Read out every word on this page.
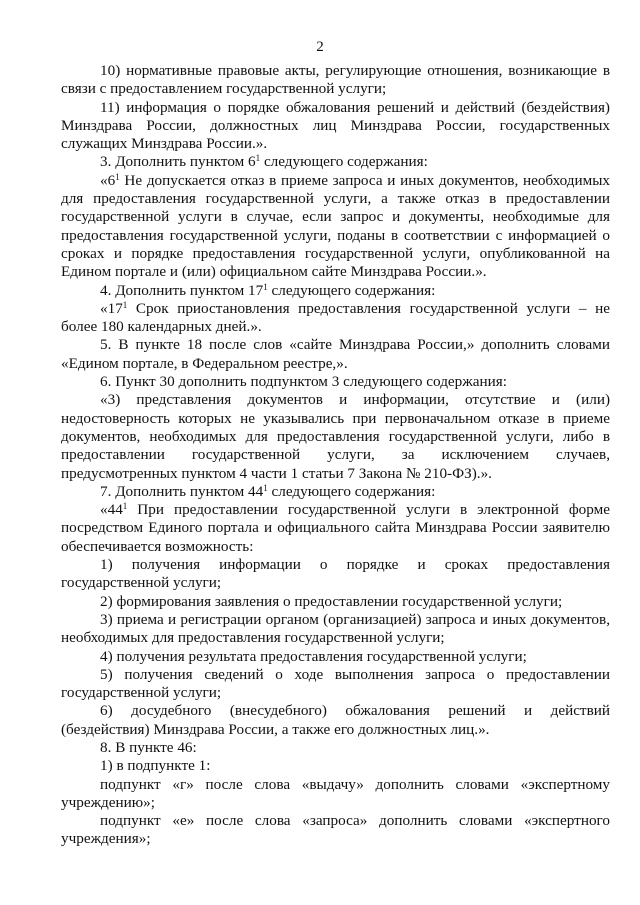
2

10) нормативные правовые акты, регулирующие отношения, возникающие в связи с предоставлением государственной услуги;

11) информация о порядке обжалования решений и действий (бездействия) Минздрава России, должностных лиц Минздрава России, государственных служащих Минздрава России.».

3. Дополнить пунктом $6^1$ следующего содержания:

«$6^1$ Не допускается отказ в приеме запроса и иных документов, необходимых для предоставления государственной услуги, а также отказ в предоставлении государственной услуги в случае, если запрос и документы, необходимые для предоставления государственной услуги, поданы в соответствии с информацией о сроках и порядке предоставления государственной услуги, опубликованной на Едином портале и (или) официальном сайте Минздрава России.».

4. Дополнить пунктом $17^1$ следующего содержания:

«$17^1$ Срок приостановления предоставления государственной услуги – не более 180 календарных дней.».

5. В пункте 18 после слов «сайте Минздрава России,» дополнить словами «Едином портале, в Федеральном реестре,».

6. Пункт 30 дополнить подпунктом 3 следующего содержания:

«3) представления документов и информации, отсутствие и (или) недостоверность которых не указывались при первоначальном отказе в приеме документов, необходимых для предоставления государственной услуги, либо в предоставлении государственной услуги, за исключением случаев, предусмотренных пунктом 4 части 1 статьи 7 Закона № 210-ФЗ).».

7. Дополнить пунктом $44^1$ следующего содержания:

«$44^1$ При предоставлении государственной услуги в электронной форме посредством Единого портала и официального сайта Минздрава России заявителю обеспечивается возможность:

1) получения информации о порядке и сроках предоставления государственной услуги;

2) формирования заявления о предоставлении государственной услуги;

3) приема и регистрации органом (организацией) запроса и иных документов, необходимых для предоставления государственной услуги;

4) получения результата предоставления государственной услуги;

5) получения сведений о ходе выполнения запроса о предоставлении государственной услуги;

6) досудебного (внесудебного) обжалования решений и действий (бездействия) Минздрава России, а также его должностных лиц.».

8. В пункте 46:

1) в подпункте 1:

подпункт «г» после слова «выдачу» дополнить словами «экспертному учреждению»;

подпункт «е» после слова «запроса» дополнить словами «экспертного учреждения»;
